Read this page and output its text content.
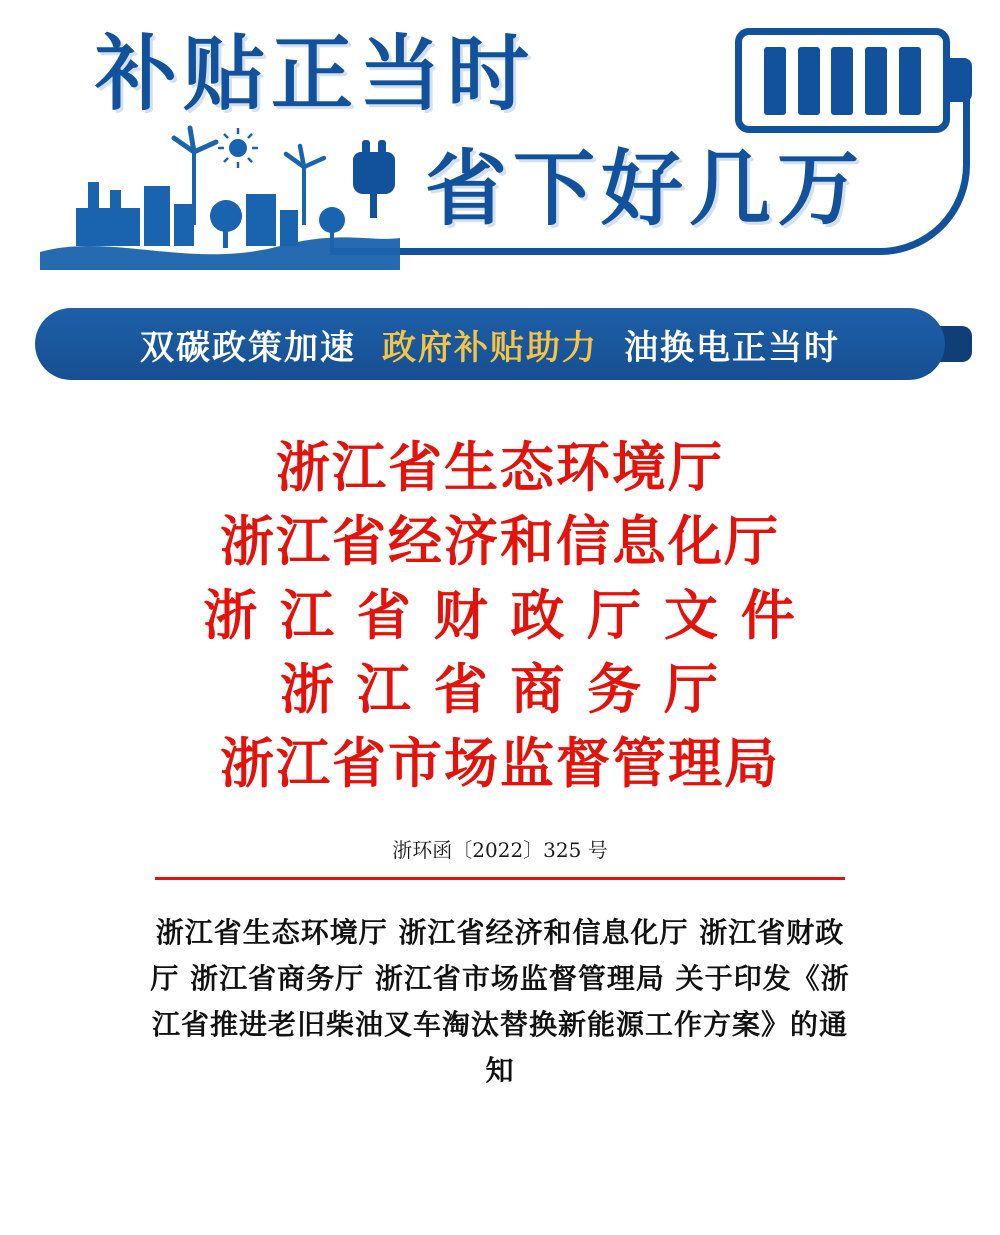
补贴正当时
省下好几万
双碳政策加速 政府补贴助力 油换电正当时
浙江省生态环境厅
浙江省经济和信息化厅
浙 江 省 财 政 厅 文 件
浙 江 省 商 务 厅
浙江省市场监督管理局
浙环函〔2022〕325 号
浙江省生态环境厅 浙江省经济和信息化厅 浙江省财政厅 浙江省商务厅 浙江省市场监督管理局 关于印发《浙江省推进老旧柴油叉车淘汰替换新能源工作方案》的通知
